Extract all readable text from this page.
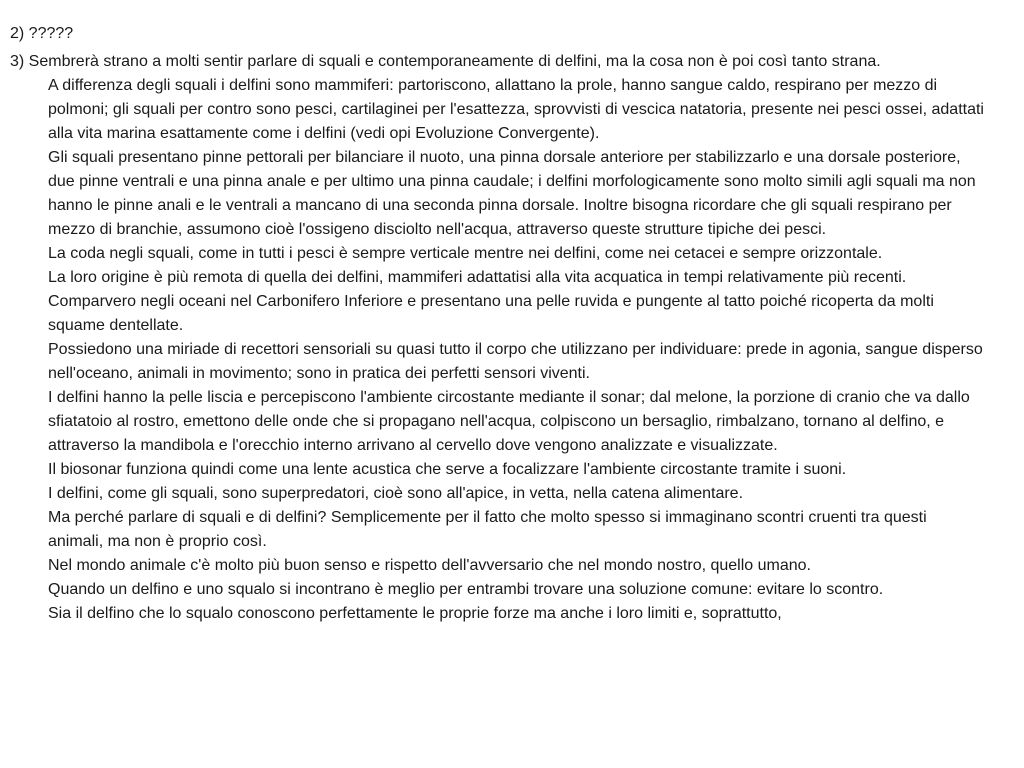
2) ?????

3) Sembrerà strano a molti sentir parlare di squali e contemporaneamente di delfini, ma la cosa non è poi così tanto strana.

A differenza degli squali i delfini sono mammiferi: partoriscono, allattano la prole, hanno sangue caldo, respirano per mezzo di polmoni; gli squali per contro sono pesci, cartilaginei per l'esattezza, sprovvisti di vescica natatoria, presente nei pesci ossei, adattati alla vita marina esattamente come i delfini (vedi opi Evoluzione Convergente).

Gli squali presentano pinne pettorali per bilanciare il nuoto, una pinna dorsale anteriore per stabilizzarlo e una dorsale posteriore, due pinne ventrali e una pinna anale e per ultimo una pinna caudale; i delfini morfologicamente sono molto simili agli squali ma non hanno le pinne anali e le ventrali a mancano di una seconda pinna dorsale. Inoltre bisogna ricordare che gli squali respirano per mezzo di branchie, assumono cioè l'ossigeno disciolto nell'acqua, attraverso queste strutture tipiche dei pesci.

La coda negli squali, come in tutti i pesci è sempre verticale mentre nei delfini, come nei cetacei e sempre orizzontale.

La loro origine è più remota di quella dei delfini, mammiferi adattatisi alla vita acquatica in tempi relativamente più recenti. Comparvero negli oceani nel Carbonifero Inferiore e presentano una pelle ruvida e pungente al tatto poiché ricoperta da molti squame dentellate.

Possiedono una miriade di recettori sensoriali su quasi tutto il corpo che utilizzano per individuare: prede in agonia, sangue disperso nell'oceano, animali in movimento; sono in pratica dei perfetti sensori viventi.

I delfini hanno la pelle liscia e percepiscono l'ambiente circostante mediante il sonar; dal melone, la porzione di cranio che va dallo sfiatatoio al rostro, emettono delle onde che si propagano nell'acqua, colpiscono un bersaglio, rimbalzano, tornano al delfino, e attraverso la mandibola e l'orecchio interno arrivano al cervello dove vengono analizzate e visualizzate.

Il biosonar funziona quindi come una lente acustica che serve a focalizzare l'ambiente circostante tramite i suoni.

I delfini, come gli squali, sono superpredatori, cioè sono all'apice, in vetta, nella catena alimentare.

Ma perché parlare di squali e di delfini? Semplicemente per il fatto che molto spesso si immaginano scontri cruenti tra questi animali, ma non è proprio così.

Nel mondo animale c'è molto più buon senso e rispetto dell'avversario che nel mondo nostro, quello umano.

Quando un delfino e uno squalo si incontrano è meglio per entrambi trovare una soluzione comune: evitare lo scontro.

Sia il delfino che lo squalo conoscono perfettamente le proprie forze ma anche i loro limiti e, soprattutto,
